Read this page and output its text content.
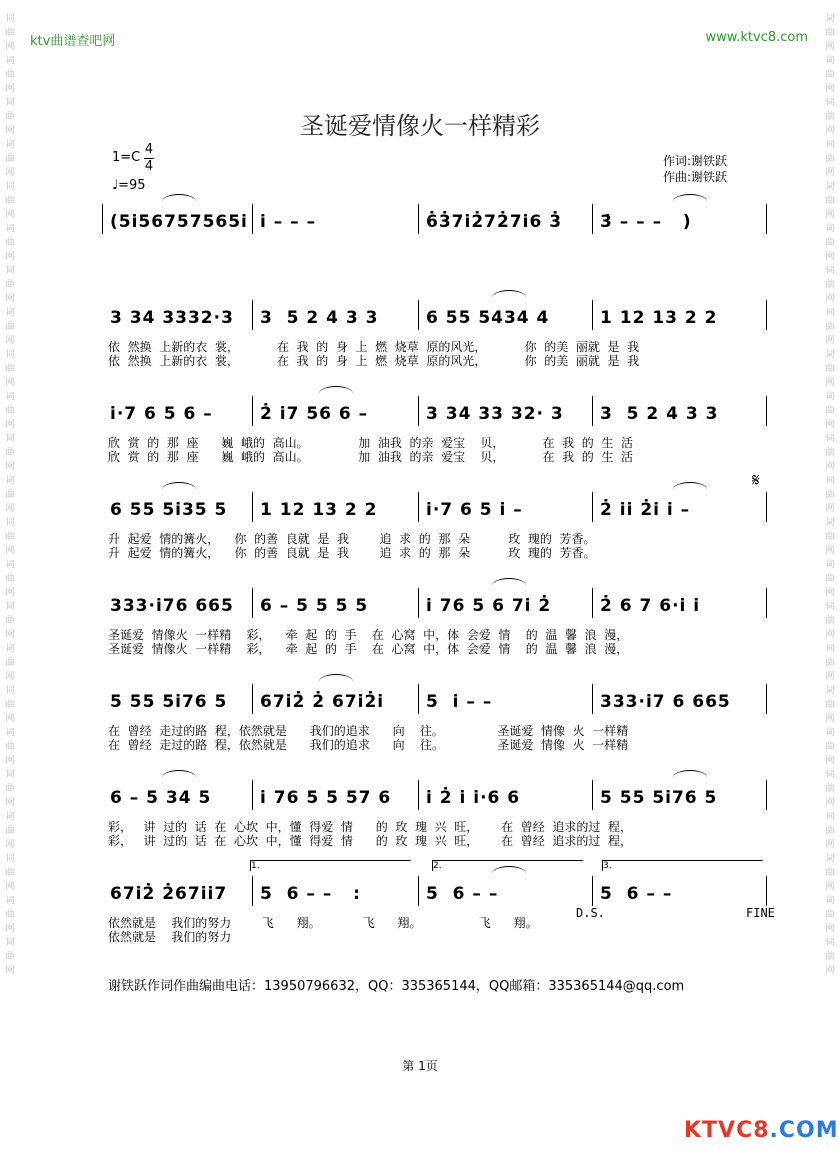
词曲网词曲网词曲网词曲网词曲网词曲网词曲网词曲网词曲网词曲网词曲网词曲网词曲网词曲网词曲网词曲网词曲网词曲网词曲网词曲网词曲网词曲网词曲网
词曲网词曲网词曲网词曲网词曲网词曲网词曲网词曲网词曲网词曲网词曲网词曲网词曲网词曲网词曲网词曲网词曲网词曲网词曲网词曲网词曲网词曲网词曲网
ktv曲谱查吧网	www.ktvc8.com
圣诞爱情像火一样精彩
1=C
4
4
♩=95
作词:谢铁跃
作曲:谢铁跃
(5i̇56757565i̇ i̇ – – –	6̇3̇7i̇2̇72̇7i̇6 3̇ 3̇ – – –   )
3 34 3332·3 3  5 2 4 3 3	6 55 5434 4	1 12 13 2 2
i̇·7 6 5 6 –	2̇ i̇7 56 6 –	3 34 33 32· 3 3  5 2 4 3 3
6 55 5i̇35 5 1 12 13 2 2	i̇·7 6 5 i̇ –	2̇ i̇i̇ 2̇i̇ i̇ –
333·i̇76 665 6 – 5 5 5 5	i̇ 76 5 6 7i̇ 2̇	2̇ 6 7 6·i̇ i̇
5 55 5i̇76 5 67i̇2̇ 2̇ 67i̇2̇i̇ 5  i̇ – –	333·i̇7 6 665
6 – 5 34 5	i̇ 76 5 5 57 6 i̇ 2̇ i̇ i̇·6 6	5 55 5i̇76 5
67i̇2̇ 2̇67i̇i̇7 5  6 – –   :	5  6 – –	5  6 – –
依  然换  上新的衣  裳，          在  我  的  身  上  燃  烧草  原的风光，          你  的美  丽就  是  我
依  然换  上新的衣  裳，          在  我  的  身  上  燃  烧草  原的风光，          你  的美  丽就  是  我
欣  赏  的  那  座      巍  峨的  高山。             加  油我  的亲  爱宝    贝，          在  我  的  生  活
欣  赏  的  那  座      巍  峨的  高山。             加  油我  的亲  爱宝    贝，          在  我  的  生  活
升  起爱  情的篝火，    你  的善  良就  是  我        追  求  的  那  朵          玫  瑰的  芳香。
升  起爱  情的篝火，    你  的善  良就  是  我        追  求  的  那  朵          玫  瑰的  芳香。
圣诞爱  情像火  一样精    彩，    牵  起  的  手    在  心窝  中，体  会爱  情    的  温  馨  浪  漫，
圣诞爱  情像火  一样精    彩，    牵  起  的  手    在  心窝  中，体  会爱  情    的  温  馨  浪  漫，
在  曾经  走过的路  程，依然就是      我们的追求      向    往。              圣诞爱  情像  火  一样精
在  曾经  走过的路  程，依然就是      我们的追求      向    往。              圣诞爱  情像  火  一样精
彩，   讲  过的  话  在  心坎  中，懂  得爱  情      的  玫  瑰  兴  旺，      在  曾经  追求的过  程，
彩，   讲  过的  话  在  心坎  中，懂  得爱  情      的  玫  瑰  兴  旺，      在  曾经  追求的过  程，
依然就是    我们的努力        飞      翔。           飞      翔。               飞      翔。
依然就是    我们的努力
𝄋
1.	2.	3.
D.S.	FINE
谢铁跃作词作曲编曲电话：13950796632，QQ：335365144，QQ邮箱：335365144@qq.com
第 1页
KTVC8.COM
